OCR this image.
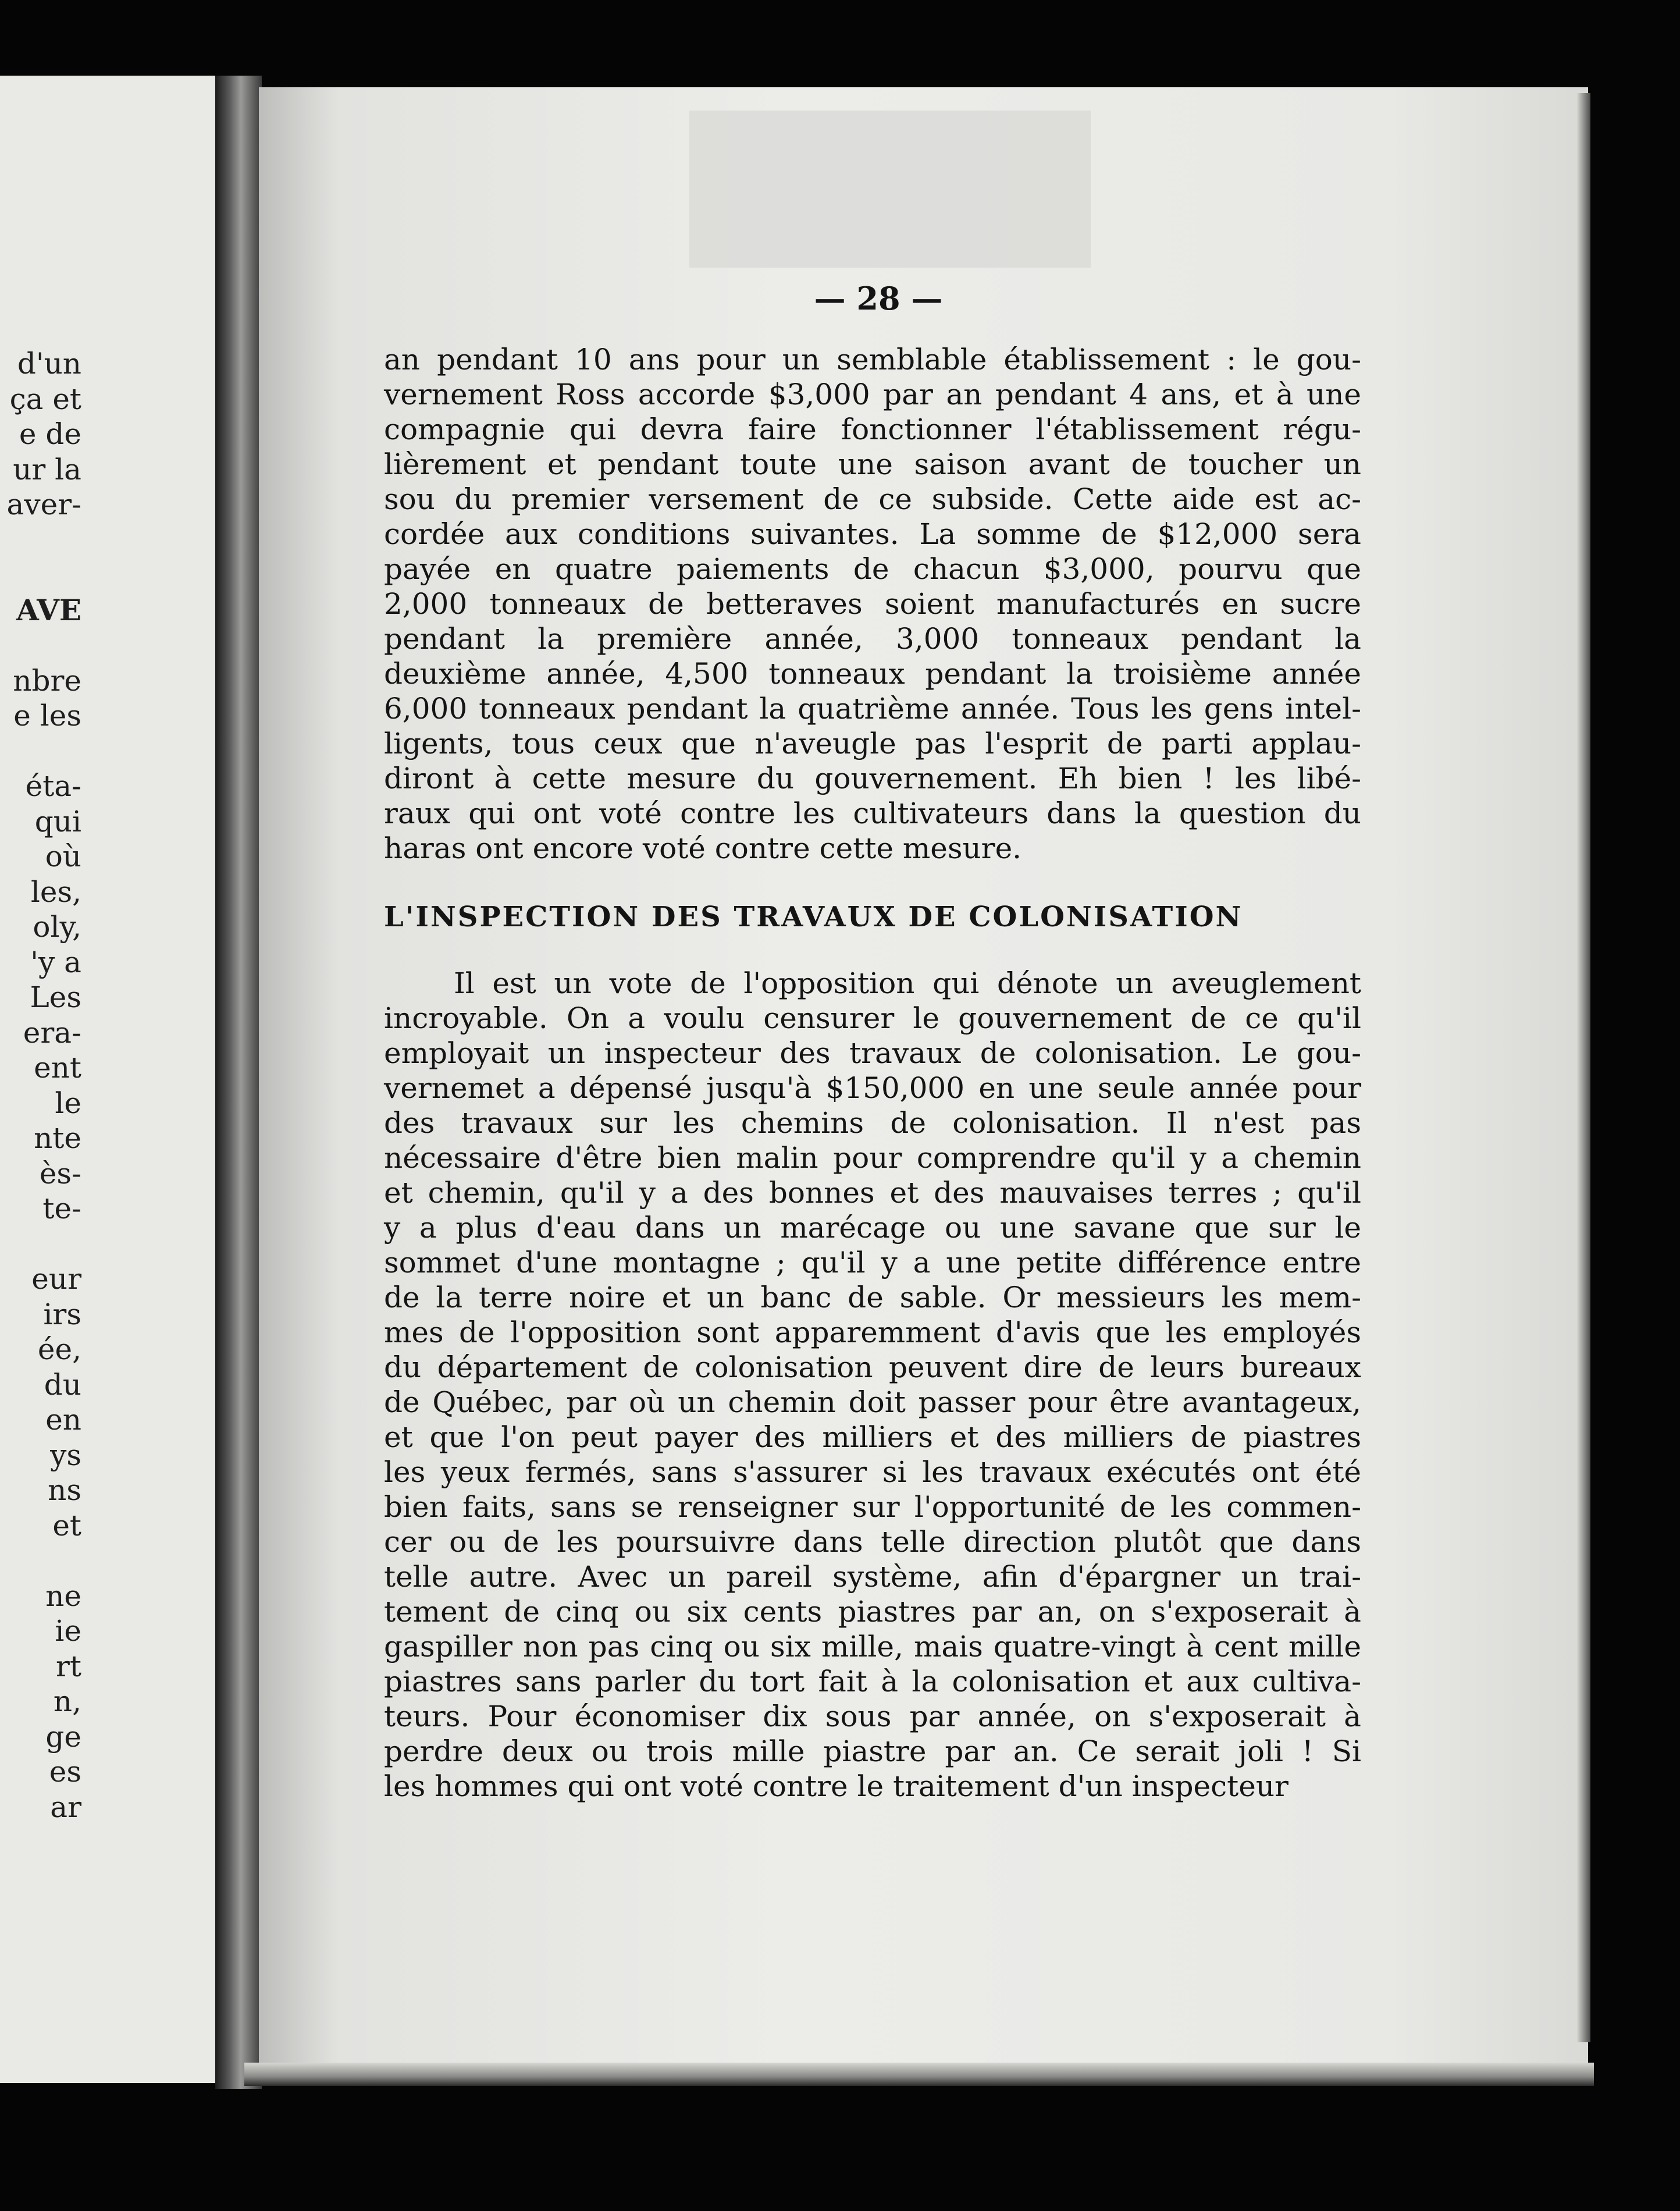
d'un
ça et
e de
ur la
aver-
AVE
nbre
e les
éta-
qui
où
les,
oly,
'y a
Les
era-
ent
le
nte
ès-
te-
eur
irs
ée,
du
en
ys
ns
et
ne
ie
rt
n,
ge
es
ar
— 28 —
an pendant 10 ans pour un semblable établissement : le gou-
vernement Ross accorde $3,000 par an pendant 4 ans, et à une
compagnie qui devra faire fonctionner l'établissement régu-
lièrement et pendant toute une saison avant de toucher un
sou du premier versement de ce subside. Cette aide est ac-
cordée aux conditions suivantes. La somme de $12,000 sera
payée en quatre paiements de chacun $3,000, pourvu que
2,000 tonneaux de betteraves soient manufacturés en sucre
pendant la première année, 3,000 tonneaux pendant la
deuxième année, 4,500 tonneaux pendant la troisième année
6,000 tonneaux pendant la quatrième année. Tous les gens intel-
ligents, tous ceux que n'aveugle pas l'esprit de parti applau-
diront à cette mesure du gouvernement. Eh bien ! les libé-
raux qui ont voté contre les cultivateurs dans la question du
haras ont encore voté contre cette mesure.
L'INSPECTION DES TRAVAUX DE COLONISATION
Il est un vote de l'opposition qui dénote un aveuglement
incroyable. On a voulu censurer le gouvernement de ce qu'il
employait un inspecteur des travaux de colonisation. Le gou-
vernemet a dépensé jusqu'à $150,000 en une seule année pour
des travaux sur les chemins de colonisation. Il n'est pas
nécessaire d'être bien malin pour comprendre qu'il y a chemin
et chemin, qu'il y a des bonnes et des mauvaises terres ; qu'il
y a plus d'eau dans un marécage ou une savane que sur le
sommet d'une montagne ; qu'il y a une petite différence entre
de la terre noire et un banc de sable. Or messieurs les mem-
mes de l'opposition sont apparemment d'avis que les employés
du département de colonisation peuvent dire de leurs bureaux
de Québec, par où un chemin doit passer pour être avantageux,
et que l'on peut payer des milliers et des milliers de piastres
les yeux fermés, sans s'assurer si les travaux exécutés ont été
bien faits, sans se renseigner sur l'opportunité de les commen-
cer ou de les poursuivre dans telle direction plutôt que dans
telle autre. Avec un pareil système, afin d'épargner un trai-
tement de cinq ou six cents piastres par an, on s'exposerait à
gaspiller non pas cinq ou six mille, mais quatre-vingt à cent mille
piastres sans parler du tort fait à la colonisation et aux cultiva-
teurs. Pour économiser dix sous par année, on s'exposerait à
perdre deux ou trois mille piastre par an. Ce serait joli ! Si
les hommes qui ont voté contre le traitement d'un inspecteur
